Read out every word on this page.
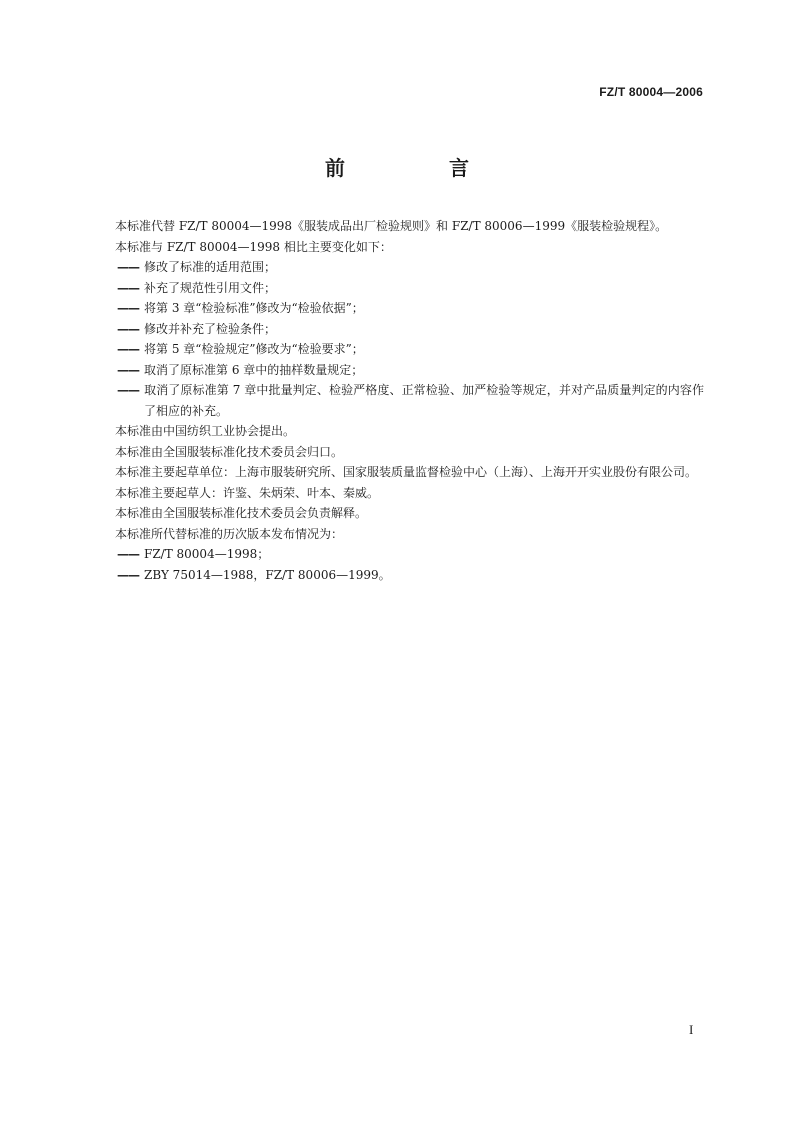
FZ/T 80004—2006
前　言

本标准代替 FZ/T 80004—1998《服装成品出厂检验规则》和 FZ/T 80006—1999《服装检验规程》。

本标准与 FZ/T 80004—1998 相比主要变化如下：

—— 修改了标准的适用范围；

—— 补充了规范性引用文件；

—— 将第 3 章“检验标准”修改为“检验依据”；

—— 修改并补充了检验条件；

—— 将第 5 章“检验规定”修改为“检验要求”；

—— 取消了原标准第 6 章中的抽样数量规定；

—— 取消了原标准第 7 章中批量判定、检验严格度、正常检验、加严检验等规定，并对产品质量判定的内容作了相应的补充。

本标准由中国纺织工业协会提出。

本标准由全国服装标准化技术委员会归口。

本标准主要起草单位：上海市服装研究所、国家服装质量监督检验中心（上海）、上海开开实业股份有限公司。

本标准主要起草人：许鉴、朱炳荣、叶本、秦威。

本标准由全国服装标准化技术委员会负责解释。

本标准所代替标准的历次版本发布情况为：

—— FZ/T 80004—1998；

—— ZBY 75014—1988，FZ/T 80006—1999。

I
